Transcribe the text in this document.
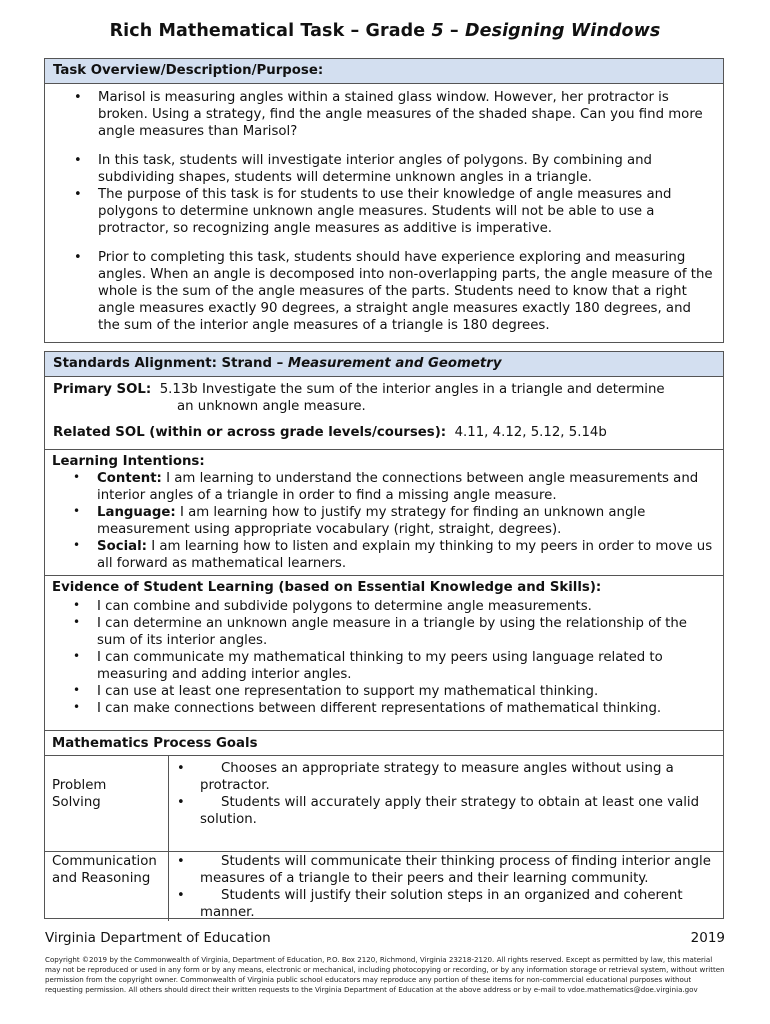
Rich Mathematical Task – Grade 5 – Designing Windows
Task Overview/Description/Purpose:
• Marisol is measuring angles within a stained glass window. However, her protractor is broken. Using a strategy, find the angle measures of the shaded shape. Can you find more angle measures than Marisol?
• In this task, students will investigate interior angles of polygons. By combining and subdividing shapes, students will determine unknown angles in a triangle.
• The purpose of this task is for students to use their knowledge of angle measures and polygons to determine unknown angle measures. Students will not be able to use a protractor, so recognizing angle measures as additive is imperative.
• Prior to completing this task, students should have experience exploring and measuring angles. When an angle is decomposed into non-overlapping parts, the angle measure of the whole is the sum of the angle measures of the parts. Students need to know that a right angle measures exactly 90 degrees, a straight angle measures exactly 180 degrees, and the sum of the interior angle measures of a triangle is 180 degrees.
Standards Alignment: Strand – Measurement and Geometry
Primary SOL: 5.13b Investigate the sum of the interior angles in a triangle and determine
an unknown angle measure.
Related SOL (within or across grade levels/courses): 4.11, 4.12, 5.12, 5.14b
Learning Intentions:
• Content: I am learning to understand the connections between angle measurements and interior angles of a triangle in order to find a missing angle measure.
• Language: I am learning how to justify my strategy for finding an unknown angle measurement using appropriate vocabulary (right, straight, degrees).
• Social: I am learning how to listen and explain my thinking to my peers in order to move us all forward as mathematical learners.
Evidence of Student Learning (based on Essential Knowledge and Skills):
• I can combine and subdivide polygons to determine angle measurements.
• I can determine an unknown angle measure in a triangle by using the relationship of the sum of its interior angles.
• I can communicate my mathematical thinking to my peers using language related to measuring and adding interior angles.
• I can use at least one representation to support my mathematical thinking.
• I can make connections between different representations of mathematical thinking.
Mathematics Process Goals
Problem
Solving
• Chooses an appropriate strategy to measure angles without using a protractor.
• Students will accurately apply their strategy to obtain at least one valid solution.
Communication
and Reasoning
• Students will communicate their thinking process of finding interior angle measures of a triangle to their peers and their learning community.
• Students will justify their solution steps in an organized and coherent manner.
Virginia Department of Education	2019
Copyright ©2019 by the Commonwealth of Virginia, Department of Education, P.O. Box 2120, Richmond, Virginia 23218-2120. All rights reserved. Except as permitted by law, this material may not be reproduced or used in any form or by any means, electronic or mechanical, including photocopying or recording, or by any information storage or retrieval system, without written permission from the copyright owner. Commonwealth of Virginia public school educators may reproduce any portion of these items for non-commercial educational purposes without requesting permission. All others should direct their written requests to the Virginia Department of Education at the above address or by e-mail to vdoe.mathematics@doe.virginia.gov
